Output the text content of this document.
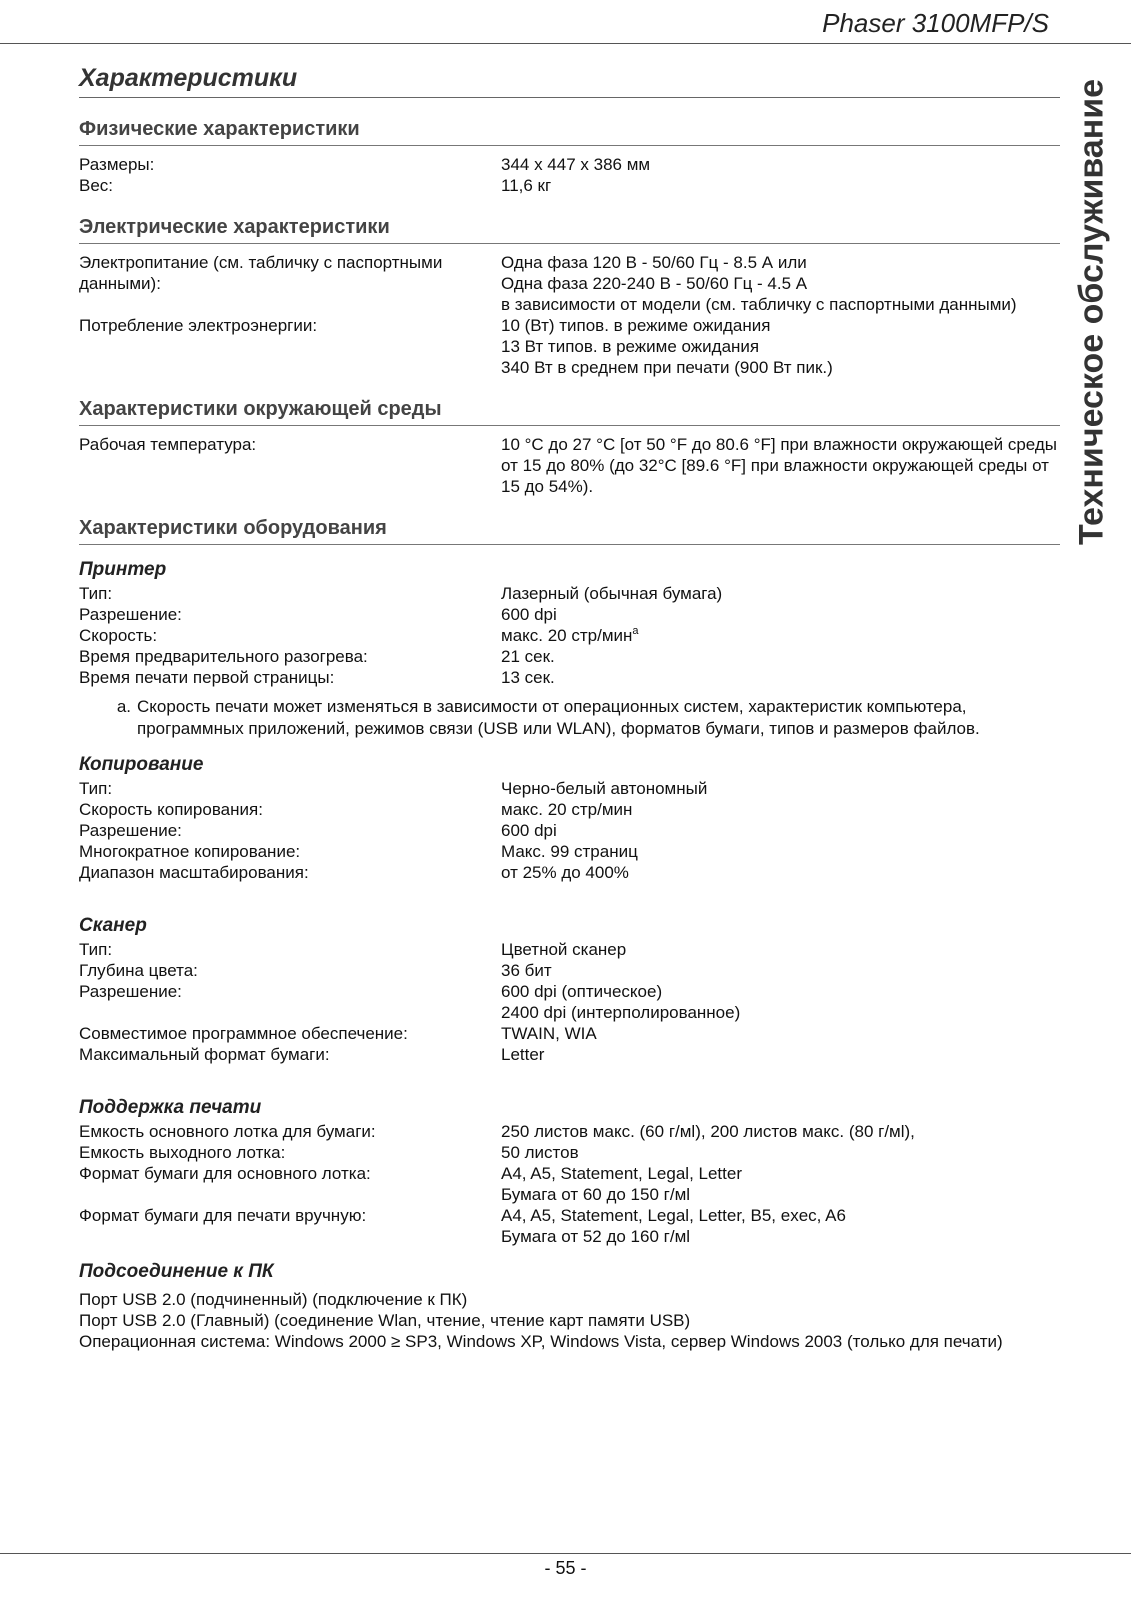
Phaser 3100MFP/S
Техническое обслуживание
Характеристики
Физические характеристики
Размеры:	344 x 447 x 386 мм
Вес:	11,6 кг
Электрические характеристики
Электропитание (см. табличку с паспортными данными):
Одна фаза 120 В - 50/60 Гц - 8.5 А или
Одна фаза 220-240 В - 50/60 Гц - 4.5 А
в зависимости от модели (см. табличку с паспортными данными)
Потребление электроэнергии:	10 (Вт) типов. в режиме ожидания
13 Вт типов. в режиме ожидания
340 Вт в среднем при печати (900 Вт пик.)
Характеристики окружающей среды
Рабочая температура:	10 °C до 27 °C [от 50 °F до 80.6 °F] при влажности окружающей среды от 15 до 80% (до 32°C [89.6 °F] при влажности окружающей среды от 15 до 54%).
Характеристики оборудования
Принтер
Тип:	Лазерный (обычная бумага)
Разрешение:	600 dpi
Скорость:	макс. 20 стр/мин$^a$
Время предварительного разогрева:	21 сек.
Время печати первой страницы:	13 сек.
a. Скорость печати может изменяться в зависимости от операционных систем, характеристик компьютера, программных приложений, режимов связи (USB или WLAN), форматов бумаги, типов и размеров файлов.
Копирование
Тип:	Черно-белый автономный
Скорость копирования:	макс. 20 стр/мин
Разрешение:	600 dpi
Многократное копирование:	Макс. 99 страниц
Диапазон масштабирования:	от 25% до 400%
Сканер
Тип:	Цветной сканер
Глубина цвета:	36 бит
Разрешение:	600 dpi (оптическое)
2400 dpi (интерполированное)
Совместимое программное обеспечение:	TWAIN, WIA
Максимальный формат бумаги:	Letter
Поддержка печати
Емкость основного лотка для бумаги:	250 листов макс. (60 г/мl), 200 листов макс. (80 г/мl),
Емкость выходного лотка:	50 листов
Формат бумаги для основного лотка:	A4, A5, Statement, Legal, Letter
Бумага от 60 до 150 г/мl
Формат бумаги для печати вручную:	A4, A5, Statement, Legal, Letter, B5, exec, A6
Бумага от 52 до 160 г/мl
Подсоединение к ПК
Порт USB 2.0 (подчиненный) (подключение к ПК)
Порт USB 2.0 (Главный) (соединение Wlan, чтение, чтение карт памяти USB)
Операционная система: Windows 2000 ≥ SP3, Windows XP, Windows Vista, сервер Windows 2003 (только для печати)
- 55 -
